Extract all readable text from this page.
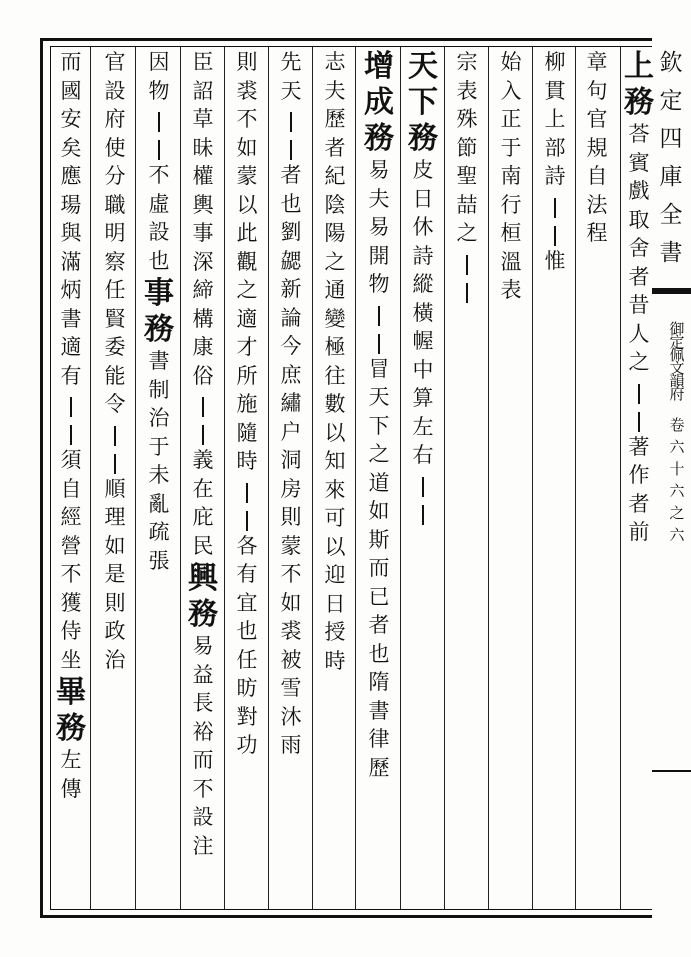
欽
定
四
庫
全
書
御
定
佩
文
韻
府
卷
六
十
六
之
六
章
句
官
規
自
法
程
柳
貫
上
部
詩
惟
始
入
正
于
南
行
桓
溫
表
宗
表
殊
節
聖
喆
之
天
下
務
皮
日
休
詩
縱
橫
幄
中
算
左
右
增
成
務
易
夫
易
開
物
冒
天
下
之
道
如
斯
而
已
者
也
隋
書
律
歷
志
夫
歷
者
紀
陰
陽
之
通
變
極
往
數
以
知
來
可
以
迎
日
授
時
先
天
者
也
劉
勰
新
論
今
庶
繡
户
洞
房
則
蒙
不
如
裘
被
雪
沐
雨
則
裘
不
如
蒙
以
此
觀
之
適
才
所
施
隨
時
各
有
宜
也
任
昉
對
功
臣
詔
草
昧
權
輿
事
深
締
構
康
俗
義
在
庇
民
興
務
易
益
長
裕
而
不
設
注
因
物
不
虛
設
也
事
務
書
制
治
于
未
亂
疏
張
官
設
府
使
分
職
明
察
任
賢
委
能
令
順
理
如
是
則
政
治
而
國
安
矣
應
瑒
與
滿
炳
書
適
有
須
自
經
營
不
獲
侍
坐
畢
務
左
傳
上
務
荅
賓
戲
取
舍
者
昔
人
之
著
作
者
前
